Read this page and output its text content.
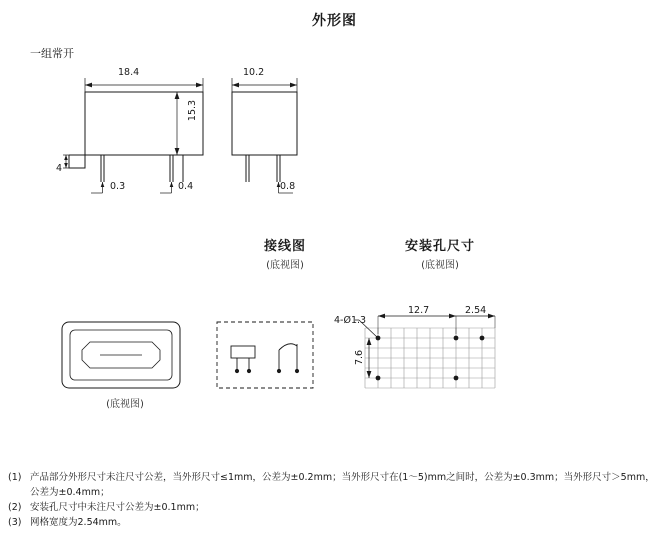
外形图
一组常开
18.4
15.3
4
0.3	0.4
10.2
0.8
接线图
(底视图)
安装孔尺寸
(底视图)
(底视图)
4-Ø1.3
12.7	2.54
7.6
(1) 产品部分外形尺寸未注尺寸公差，当外形尺寸≤1mm，公差为±0.2mm；当外形尺寸在(1～5)mm之间时，公差为±0.3mm；当外形尺寸＞5mm，公差为±0.4mm；
(2) 安装孔尺寸中未注尺寸公差为±0.1mm；
(3) 网格宽度为2.54mm。
